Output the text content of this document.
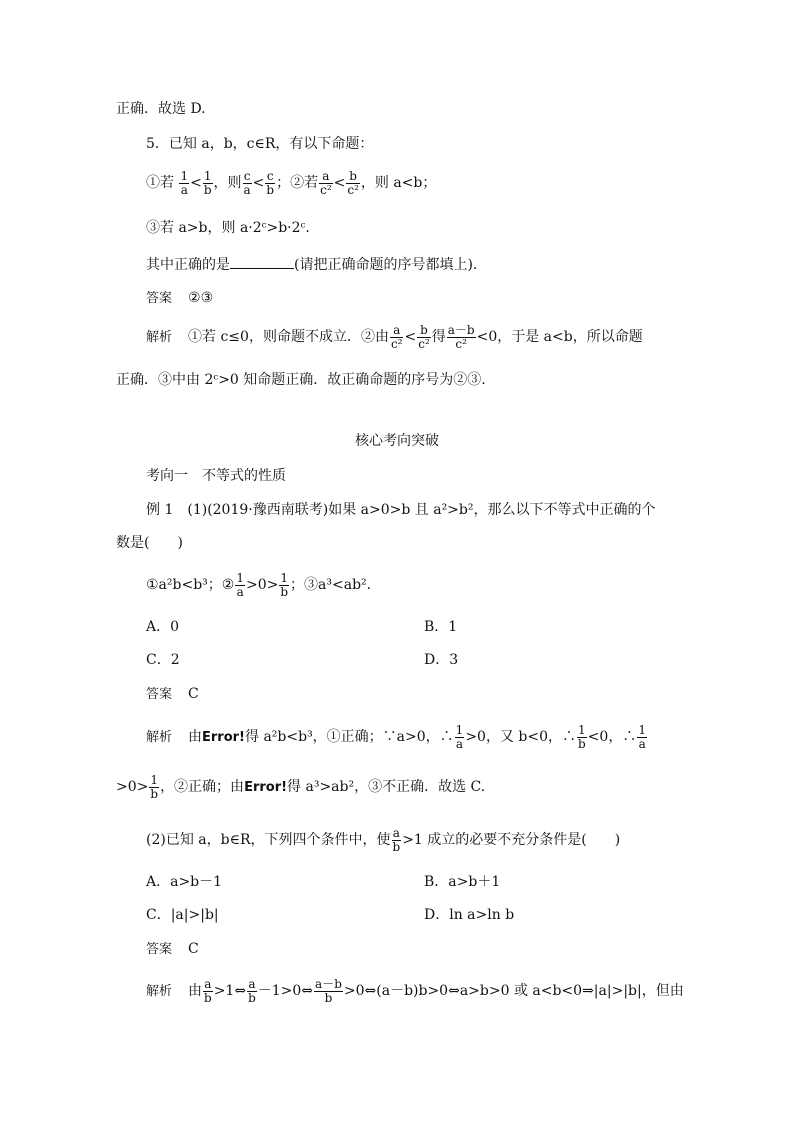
正确．故选 D.
5．已知 a，b，c∈R，有以下命题：
①若 $\frac{1}{a} < \frac{1}{b}$ ，则 $\frac{c}{a} < \frac{c}{b}$ ；②若 $\frac{a}{\text{c²}} < \frac{b}{\text{c²}}$ ，则 a<b；
③若 a>b，则 a·2ᶜ>b·2ᶜ.
其中正确的是	(请把正确命题的序号都填上)．
答案 ②③
解析 ①若 c≤0，则命题不成立．②由 $\frac{a}{\text{c²}} < \frac{b}{\text{c²}}$ 得 $\frac{a-b}{\text{c²}} <0$，于是 a<b，所以命题
正确．③中由 2ᶜ>0 知命题正确．故正确命题的序号为②③.
核心考向突破
考向一　不等式的性质
例 1　(1)(2019·豫西南联考)如果 a>0>b 且 a²>b²，那么以下不等式中正确的个
数是(　　)
①a²b<b³；② $\frac{1}{a} >0> \frac{1}{b}$ ；③a³<ab².
A．0	B．1
C．2	D．3
答案 C
解析 由Error!得 a²b<b³，①正确；∵a>0，∴ $\frac{1}{a} >0$，又 b<0，∴ $\frac{1}{b} <0$，∴ $\frac{1}{a}$
$>0> \frac{1}{b}$ ，②正确；由Error!得 a³>ab²，③不正确．故选 C.
(2)已知 a，b∈R，下列四个条件中，使 $\frac{a}{b} >1$ 成立的必要不充分条件是(　　)
A．a>b－1	B．a>b＋1
C．|a|>|b|	D．ln a>ln b
答案 C
解析 由 $\frac{a}{b}$ >1⇔ $\frac{a}{b}$ －1>0⇔ $\frac{a-b}{b}$ >0⇔(a－b)b>0⇔a>b>0 或 a<b<0⇒|a|>|b|，但由
